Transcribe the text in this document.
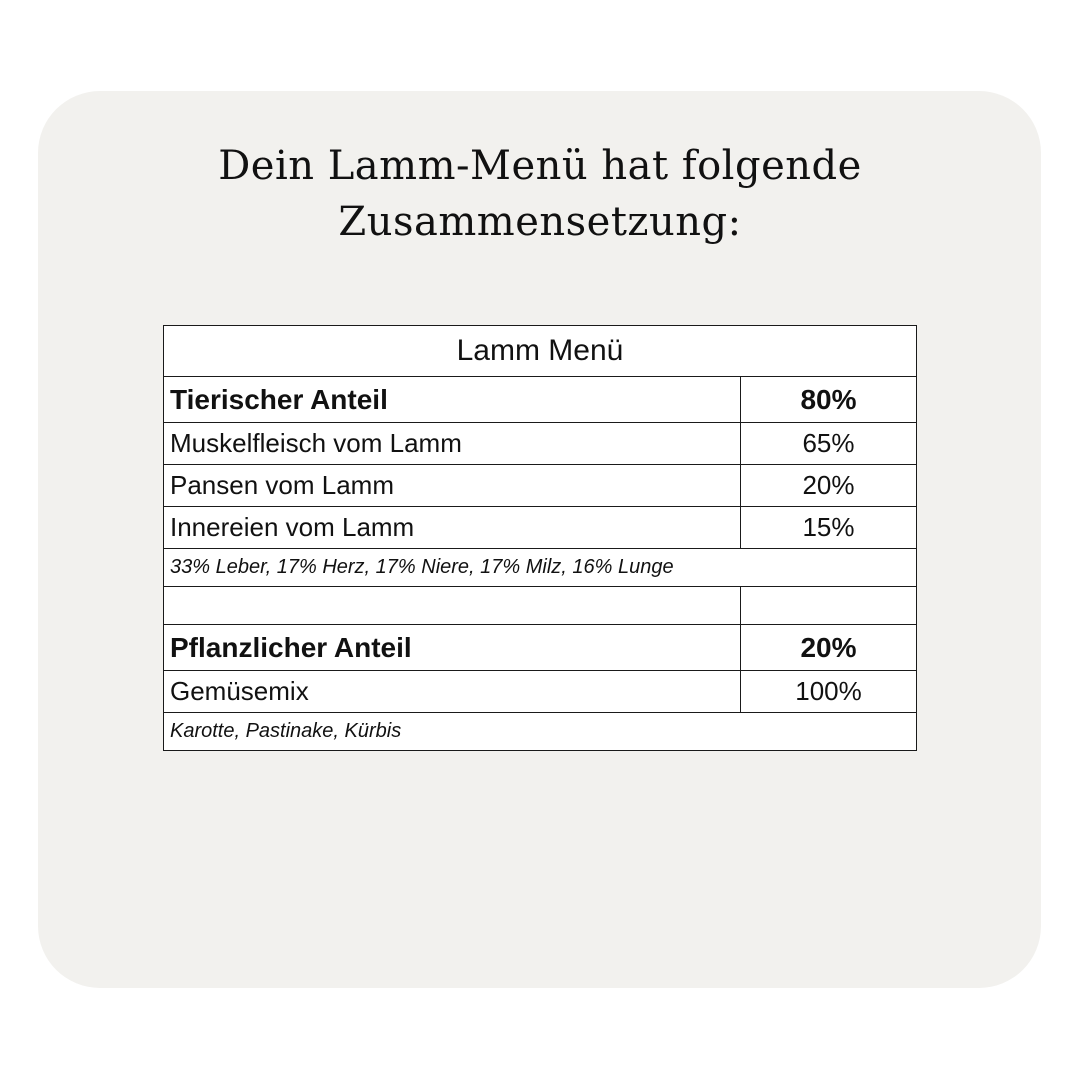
Dein Lamm-Menü hat folgende
Zusammensetzung:
Lamm Menü	
Tierischer Anteil	80%
Muskelfleisch vom Lamm	65%
Pansen vom Lamm	20%
Innereien vom Lamm	15%
33% Leber, 17% Herz, 17% Niere, 17% Milz, 16% Lunge	

Pflanzlicher Anteil	20%
Gemüsemix	100%
Karotte, Pastinake, Kürbis	
